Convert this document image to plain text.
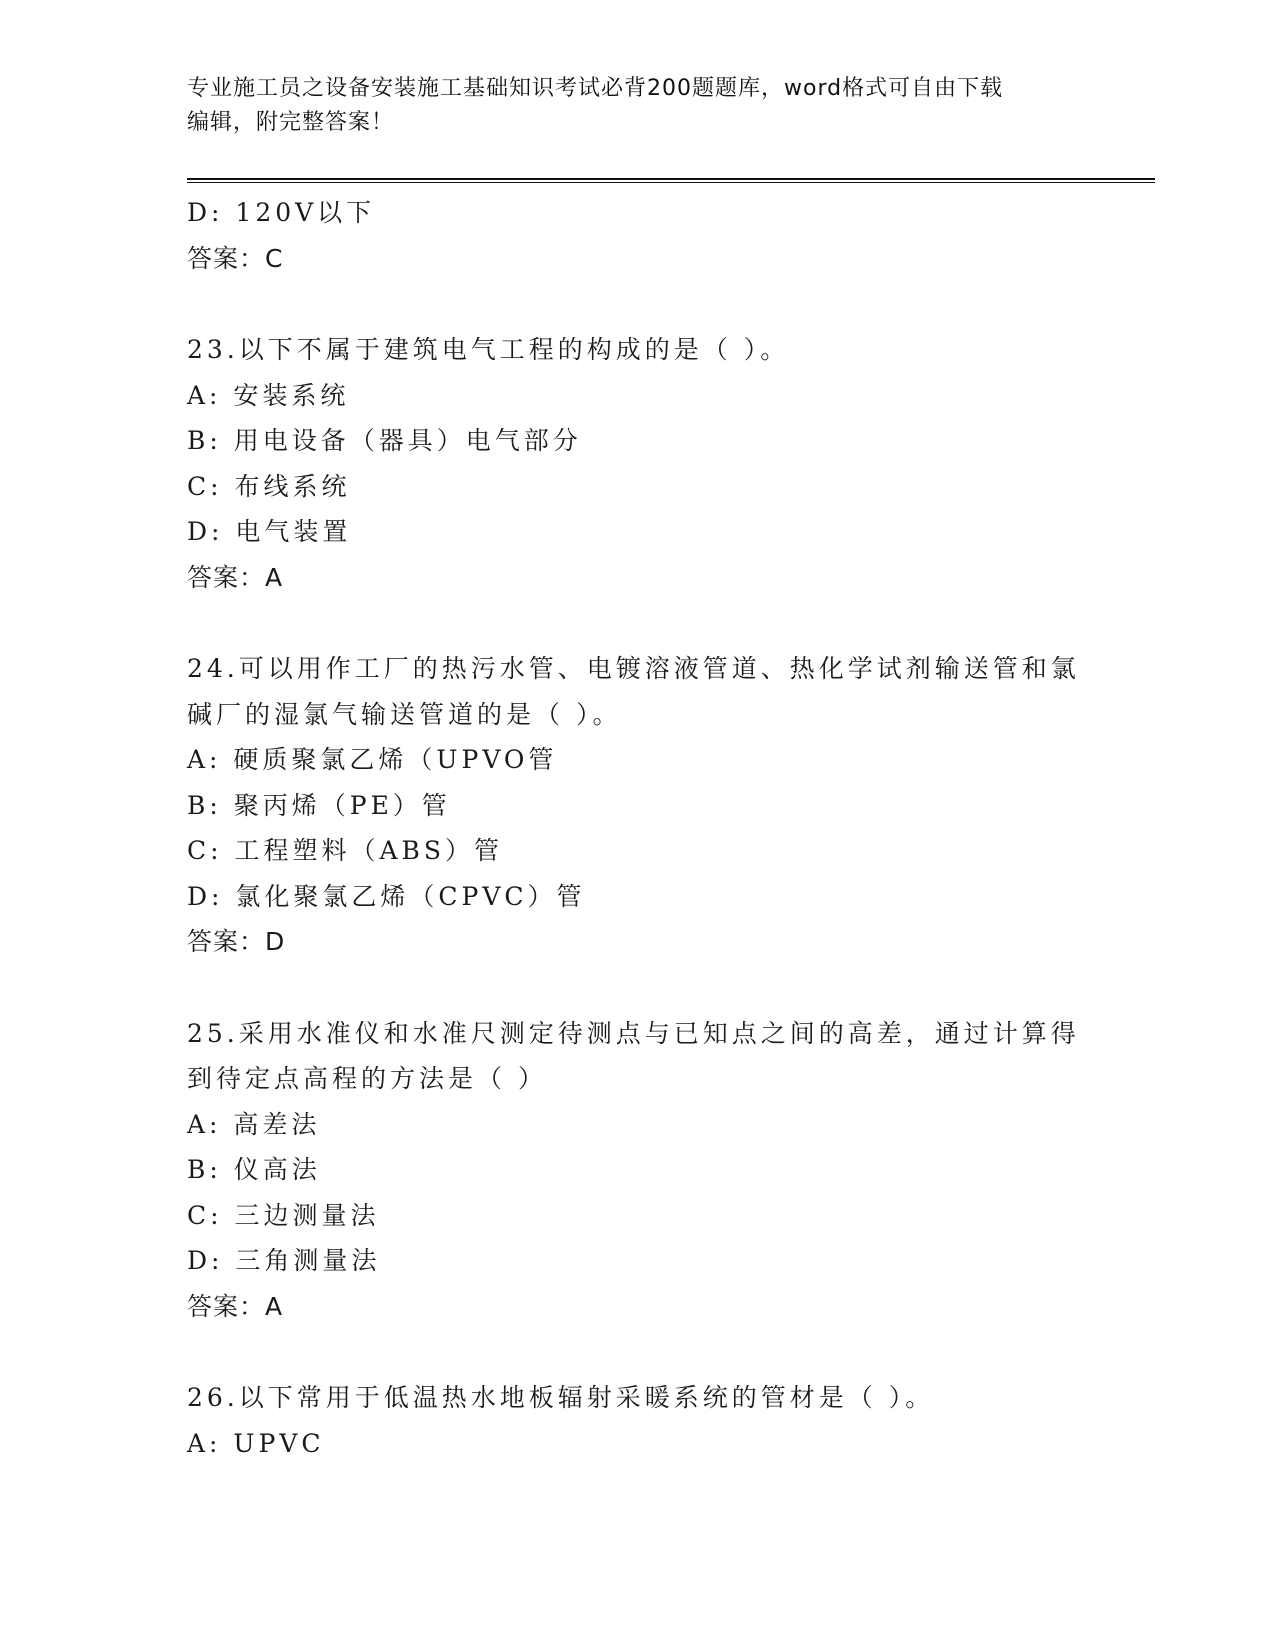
专业施工员之设备安装施工基础知识考试必背200题题库，word格式可自由下载
编辑，附完整答案！
D: 120V以下
答案：C
23.以下不属于建筑电气工程的构成的是（ ）。
A: 安装系统
B: 用电设备（器具）电气部分
C: 布线系统
D: 电气装置
答案：A
24.可以用作工厂的热污水管、电镀溶液管道、热化学试剂输送管和氯
碱厂的湿氯气输送管道的是（ ）。
A: 硬质聚氯乙烯（UPVO管
B: 聚丙烯（PE）管
C: 工程塑料（ABS）管
D: 氯化聚氯乙烯（CPVC）管
答案：D
25.采用水准仪和水准尺测定待测点与已知点之间的高差，通过计算得
到待定点高程的方法是（ ）
A: 高差法
B: 仪高法
C: 三边测量法
D: 三角测量法
答案：A
26.以下常用于低温热水地板辐射采暖系统的管材是（ ）。
A: UPVC
